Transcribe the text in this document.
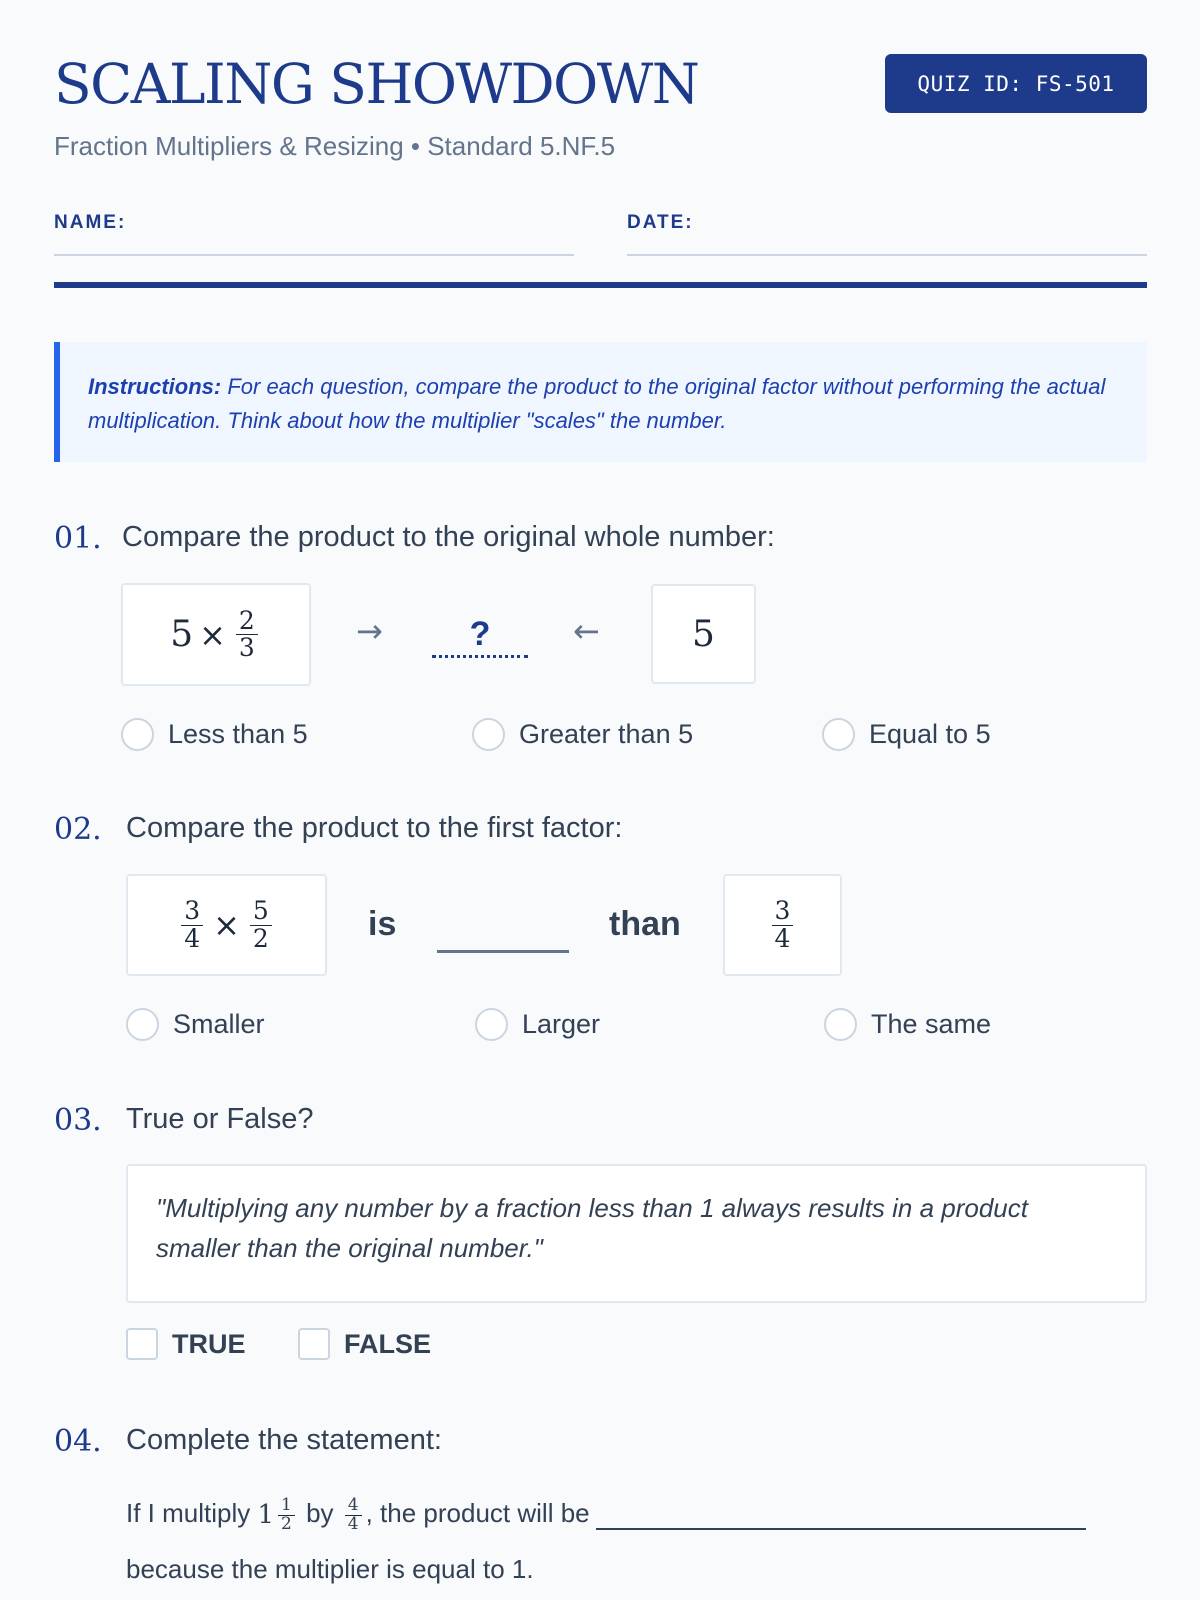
SCALING SHOWDOWN
Fraction Multipliers & Resizing • Standard 5.NF.5
QUIZ ID: FS-501
NAME:	DATE:
Instructions: For each question, compare the product to the original factor without performing the actual multiplication. Think about how the multiplier "scales" the number.
01. Compare the product to the original whole number:
$5 \times \frac{2}{3}$	→	?	←	5
Less than 5	Greater than 5	Equal to 5
02. Compare the product to the first factor:
$\frac{3}{4} \times \frac{5}{2}$	is	than	$\frac{3}{4}$
Smaller	Larger	The same
03. True or False?
"Multiplying any number by a fraction less than 1 always results in a product smaller than the original number."
TRUE	FALSE
04. Complete the statement:
If I multiply $1 \frac{1}{2}$ by $\frac{4}{4}$ , the product will be
because the multiplier is equal to 1.
